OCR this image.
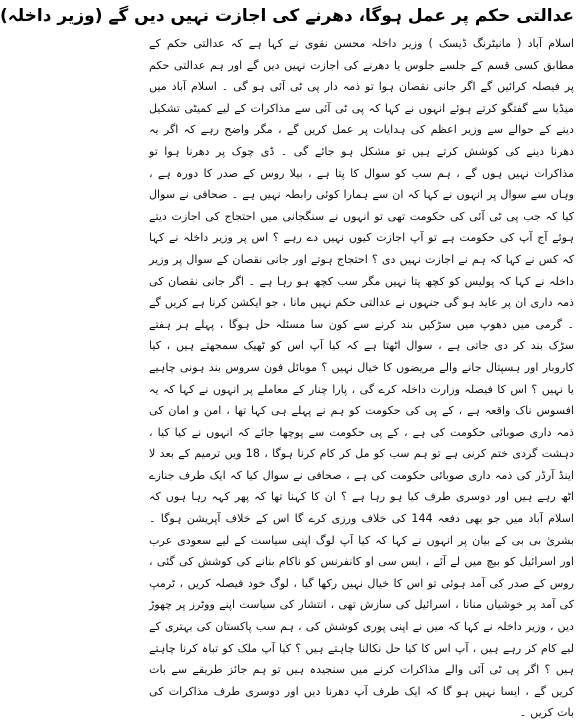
عدالتی حکم پر عمل ہوگا، دھرنے کی اجازت نہیں دیں گے (وزیر داخلہ)

اسلام آباد ( مانیٹرنگ ڈیسک ) وزیر داخلہ محسن نقوی نے کہا ہے کہ عدالتی حکم کے مطابق کسی قسم کے جلسے جلوس یا دھرنے کی اجازت نہیں دیں گے اور ہم عدالتی حکم پر فیصلہ کرائیں گے اگر جانی نقصان ہوا تو ذمہ دار پی ٹی آئی ہو گی ۔ اسلام آباد میں میڈیا سے گفتگو کرتے ہوئے انہوں نے کہا کہ پی ٹی آئی سے مذاکرات کے لیے کمیٹی تشکیل دینے کے حوالے سے وزیر اعظم کی ہدایات پر عمل کریں گے ، مگر واضح رہے کہ اگر یہ دھرنا دینے کی کوشش کرتے ہیں تو مشکل ہو جائے گی ۔ ڈی چوک پر دھرنا ہوا تو مذاکرات نہیں ہوں گے ، ہم سب کو سوال کا پتا ہے ، بیلا روس کے صدر کا دورہ ہے ، وہاں سے سوال پر انہوں نے کہا کہ ان سے ہمارا کوئی رابطہ نہیں ہے ۔ صحافی نے سوال کیا کہ جب پی ٹی آئی کی حکومت تھی تو انہوں نے سنگجانی میں احتجاج کی اجازت دیتے ہوئے آج آپ کی حکومت ہے تو آپ اجازت کیوں نہیں دے رہے ؟ اس پر وزیر داخلہ نے کہا کہ کس نے کہا کہ ہم نے اجازت نہیں دی ؟ احتجاج ہوتے اور جانی نقصان کے سوال پر وزیر داخلہ نے کہا کہ پولیس کو کچھ پتا نہیں مگر سب کچھ ہو رہا ہے ۔ اگر جانی نقصان کی ذمہ داری ان پر عاید ہو گی جنہوں نے عدالتی حکم نہیں مانا ، جو ایکشن کرنا ہے کریں گے ۔ گرمی میں دھوپ میں سڑکیں بند کرنے سے کون سا مسئلہ حل ہوگا ، پہلے ہر ہفتے سڑک بند کر دی جاتی ہے ، سوال اٹھتا ہے کہ کیا آپ اس کو ٹھیک سمجھتے ہیں ، کیا کاروبار اور ہسپتال جانے والے مریضوں کا خیال نہیں ؟ موبائل فون سروس بند ہونی چاہیے یا نہیں ؟ اس کا فیصلہ وزارت داخلہ کرے گی ، پارا چنار کے معاملے پر انہوں نے کہا کہ یہ افسوس ناک واقعہ ہے ، کے پی کی حکومت کو ہم نے پہلے ہی کہا تھا ، امن و امان کی ذمہ داری صوبائی حکومت کی ہے ، کے پی حکومت سے پوچھا جائے کہ انہوں نے کیا کیا ، دہشت گردی ختم کرنی ہے تو ہم سب کو مل کر کام کرنا ہوگا ، 18 ویں ترمیم کے بعد لا اینڈ آرڈر کی ذمہ داری صوبائی حکومت کی ہے ، صحافی نے سوال کیا کہ ایک طرف جنازے اٹھ رہے ہیں اور دوسری طرف کیا ہو رہا ہے ؟ ان کا کہنا تھا کہ پھر کہہ رہا ہوں کہ اسلام آباد میں جو بھی دفعہ 144 کی خلاف ورزی کرے گا اس کے خلاف آپریشن ہوگا ۔ بشریٰ بی بی کے بیان پر انہوں نے کہا کہ کیا آپ لوگ اپنی سیاست کے لیے سعودی عرب اور اسرائیل کو بیچ میں لے آئے ، ایس سی او کانفرنس کو ناکام بنانے کی کوشش کی گئی ، روس کے صدر کی آمد ہوئی تو اس کا خیال نہیں رکھا گیا ، لوگ خود فیصلہ کریں ، ٹرمپ کی آمد پر خوشیاں منانا ، اسرائیل کی سازش تھی ، انتشار کی سیاست اپنے ووٹرز پر چھوڑ دیں ، وزیر داخلہ نے کہا کہ میں نے اپنی پوری کوشش کی ، ہم سب پاکستان کی بہتری کے لیے کام کر رہے ہیں ، آپ اس کا کیا حل نکالنا چاہتے ہیں ؟ کیا آپ ملک کو تباہ کرنا چاہتے ہیں ؟ اگر پی ٹی آئی والے مذاکرات کرنے میں سنجیدہ ہیں تو ہم جائز طریقے سے بات کریں گے ، ایسا نہیں ہو گا کہ ایک طرف آپ دھرنا دیں اور دوسری طرف مذاکرات کی بات کریں ۔
